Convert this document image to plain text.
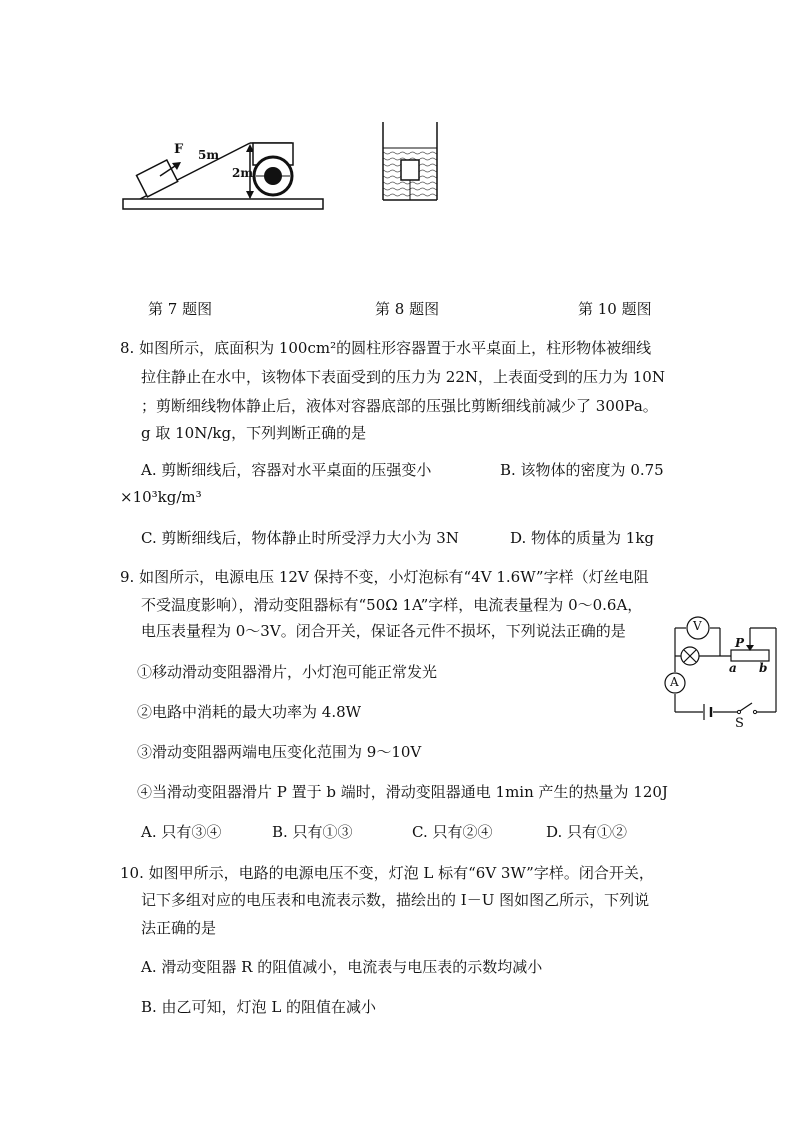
F 5m
2m
第 7 题图	第 8 题图	第 10 题图
8. 如图所示，底面积为 100cm²的圆柱形容器置于水平桌面上，柱形物体被细线
拉住静止在水中，该物体下表面受到的压力为 22N，上表面受到的压力为 10N
；剪断细线物体静止后，液体对容器底部的压强比剪断细线前减少了 300Pa。
g 取 10N/kg，下列判断正确的是
A. 剪断细线后，容器对水平桌面的压强变小	B. 该物体的密度为 0.75
×10³kg/m³
C. 剪断细线后，物体静止时所受浮力大小为 3N	D. 物体的质量为 1kg
9. 如图所示，电源电压 12V 保持不变，小灯泡标有“4V 1.6W”字样（灯丝电阻
不受温度影响），滑动变阻器标有“50Ω 1A”字样，电流表量程为 0～0.6A，
电压表量程为 0～3V。闭合开关，保证各元件不损坏，下列说法正确的是
①移动滑动变阻器滑片，小灯泡可能正常发光
②电路中消耗的最大功率为 4.8W
③滑动变阻器两端电压变化范围为 9～10V
④当滑动变阻器滑片 P 置于 b 端时，滑动变阻器通电 1min 产生的热量为 120J
A. 只有③④	B. 只有①③	C. 只有②④	D. 只有①②
V
A
P
a b
S
10. 如图甲所示，电路的电源电压不变，灯泡 L 标有“6V 3W”字样。闭合开关，
记下多组对应的电压表和电流表示数，描绘出的 I－U 图如图乙所示，下列说
法正确的是
A. 滑动变阻器 R 的阻值减小，电流表与电压表的示数均减小
B. 由乙可知，灯泡 L 的阻值在减小
